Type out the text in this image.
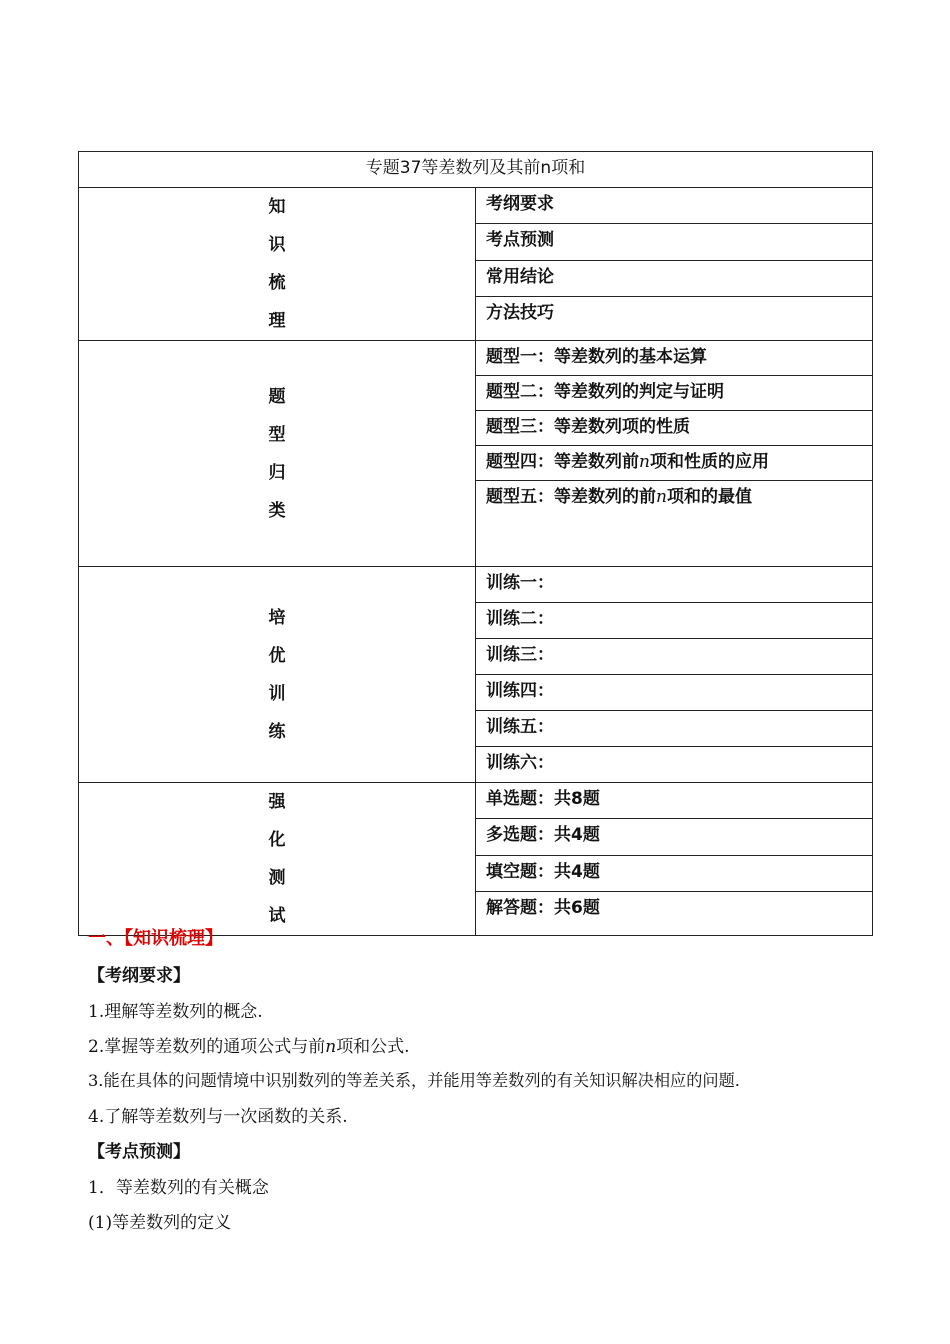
专题37等差数列及其前n项和	

知
识
梳
理	考纲要求

	考点预测

	常用结论

	方法技巧

题
型
归
类	题型一：等差数列的基本运算

	题型二：等差数列的判定与证明

	题型三：等差数列项的性质

	题型四：等差数列前n项和性质的应用

	题型五：等差数列的前n项和的最值

培
优
训
练	训练一：

	训练二：

	训练三：

	训练四：

	训练五：

	训练六：

强
化
测
试	单选题：共8题

	多选题：共4题

	填空题：共4题

	解答题：共6题
一、【知识梳理】
【考纲要求】
1.理解等差数列的概念.
2.掌握等差数列的通项公式与前n项和公式.
3.能在具体的问题情境中识别数列的等差关系，并能用等差数列的有关知识解决相应的问题.
4.了解等差数列与一次函数的关系.
【考点预测】
1．等差数列的有关概念
(1)等差数列的定义
